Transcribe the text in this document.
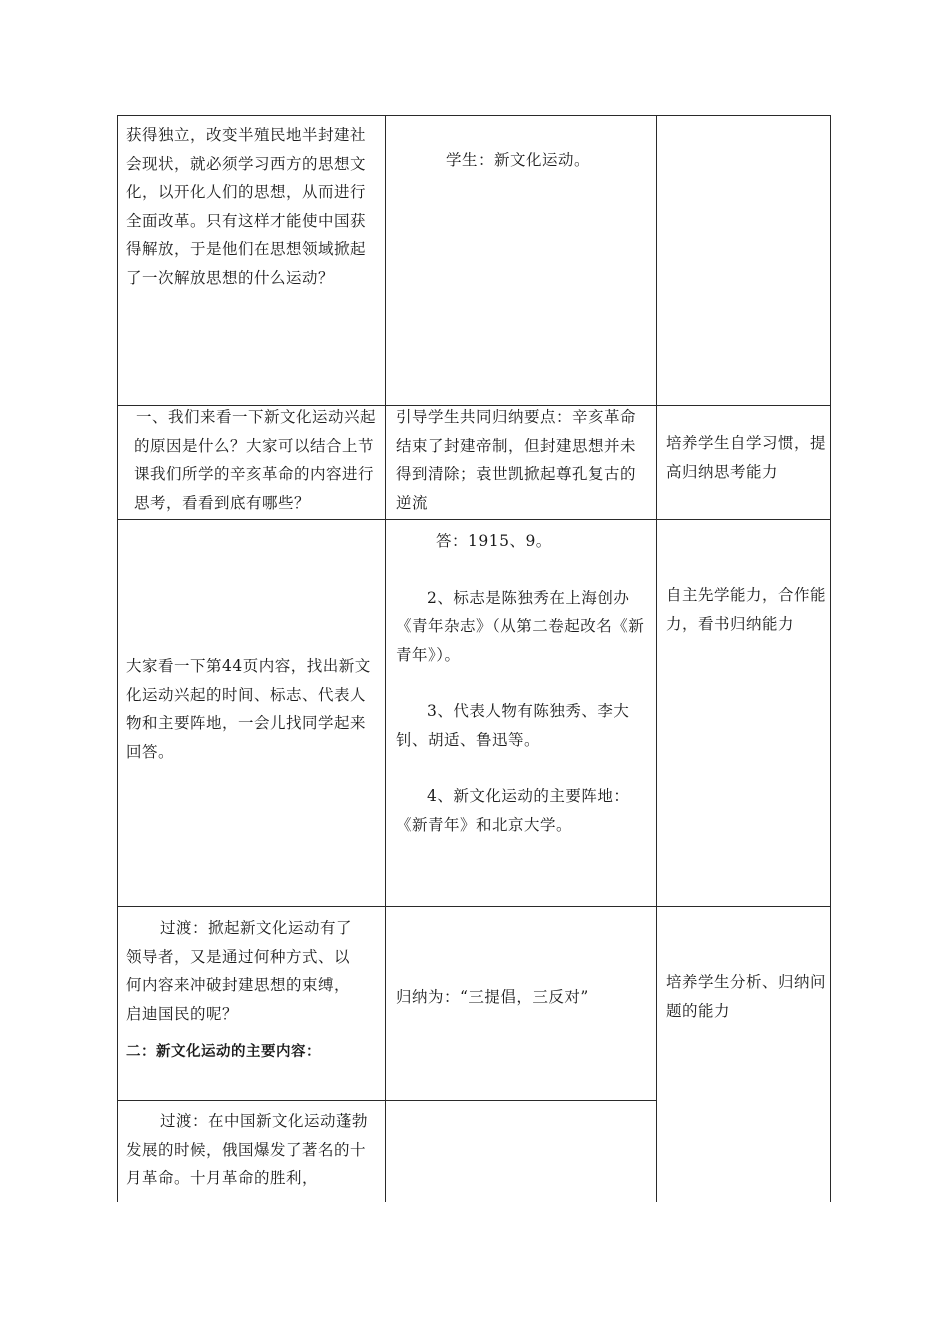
获得独立，改变半殖民地半封建社会现状，就必须学习西方的思想文化，以开化人们的思想，从而进行全面改革。只有这样才能使中国获得解放，于是他们在思想领域掀起了一次解放思想的什么运动？

学生：新文化运动。

一、我们来看一下新文化运动兴起的原因是什么？大家可以结合上节课我们所学的辛亥革命的内容进行思考，看看到底有哪些？

引导学生共同归纳要点：辛亥革命结束了封建帝制，但封建思想并未得到清除；袁世凯掀起尊孔复古的逆流

培养学生自学习惯，提高归纳思考能力

大家看一下第44页内容，找出新文化运动兴起的时间、标志、代表人物和主要阵地，一会儿找同学起来回答。

答：1915、9。

2、标志是陈独秀在上海创办《青年杂志》（从第二卷起改名《新青年》）。

3、代表人物有陈独秀、李大钊、胡适、鲁迅等。

4、新文化运动的主要阵地：《新青年》和北京大学。

自主先学能力，合作能力，看书归纳能力

过渡：掀起新文化运动有了领导者，又是通过何种方式、以何内容来冲破封建思想的束缚，启迪国民的呢？

二：新文化运动的主要内容：

归纳为：“三提倡，三反对”

培养学生分析、归纳问题的能力

过渡：在中国新文化运动蓬勃发展的时候，俄国爆发了著名的十月革命。十月革命的胜利，
